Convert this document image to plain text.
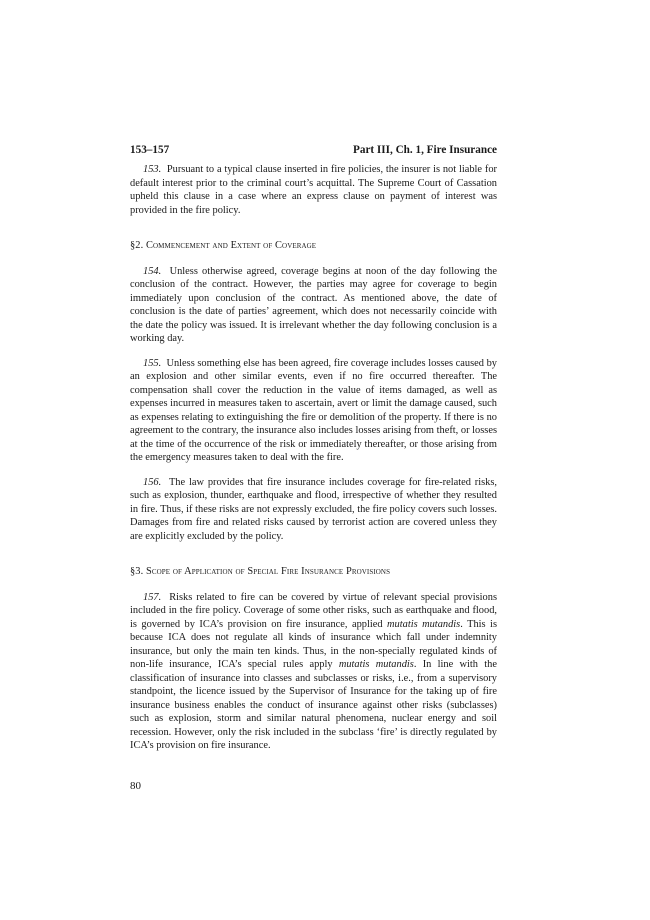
153–157	Part III, Ch. 1, Fire Insurance

153. Pursuant to a typical clause inserted in fire policies, the insurer is not liable for default interest prior to the criminal court’s acquittal. The Supreme Court of Cassation upheld this clause in a case where an express clause on payment of interest was provided in the fire policy.

§2. Commencement and Extent of Coverage

154. Unless otherwise agreed, coverage begins at noon of the day following the conclusion of the contract. However, the parties may agree for coverage to begin immediately upon conclusion of the contract. As mentioned above, the date of conclusion is the date of parties’ agreement, which does not necessarily coincide with the date the policy was issued. It is irrelevant whether the day following conclusion is a working day.

155. Unless something else has been agreed, fire coverage includes losses caused by an explosion and other similar events, even if no fire occurred thereafter. The compensation shall cover the reduction in the value of items damaged, as well as expenses incurred in measures taken to ascertain, avert or limit the damage caused, such as expenses relating to extinguishing the fire or demolition of the property. If there is no agreement to the contrary, the insurance also includes losses arising from theft, or losses at the time of the occurrence of the risk or immediately thereafter, or those arising from the emergency measures taken to deal with the fire.

156. The law provides that fire insurance includes coverage for fire-related risks, such as explosion, thunder, earthquake and flood, irrespective of whether they resulted in fire. Thus, if these risks are not expressly excluded, the fire policy covers such losses. Damages from fire and related risks caused by terrorist action are covered unless they are explicitly excluded by the policy.

§3. Scope of Application of Special Fire Insurance Provisions

157. Risks related to fire can be covered by virtue of relevant special provisions included in the fire policy. Coverage of some other risks, such as earthquake and flood, is governed by ICA’s provision on fire insurance, applied mutatis mutandis. This is because ICA does not regulate all kinds of insurance which fall under indemnity insurance, but only the main ten kinds. Thus, in the non-specially regulated kinds of non-life insurance, ICA’s special rules apply mutatis mutandis. In line with the classification of insurance into classes and subclasses or risks, i.e., from a supervisory standpoint, the licence issued by the Supervisor of Insurance for the taking up of fire insurance business enables the conduct of insurance against other risks (subclasses) such as explosion, storm and similar natural phenomena, nuclear energy and soil recession. However, only the risk included in the subclass ‘fire’ is directly regulated by ICA’s provision on fire insurance.

80
